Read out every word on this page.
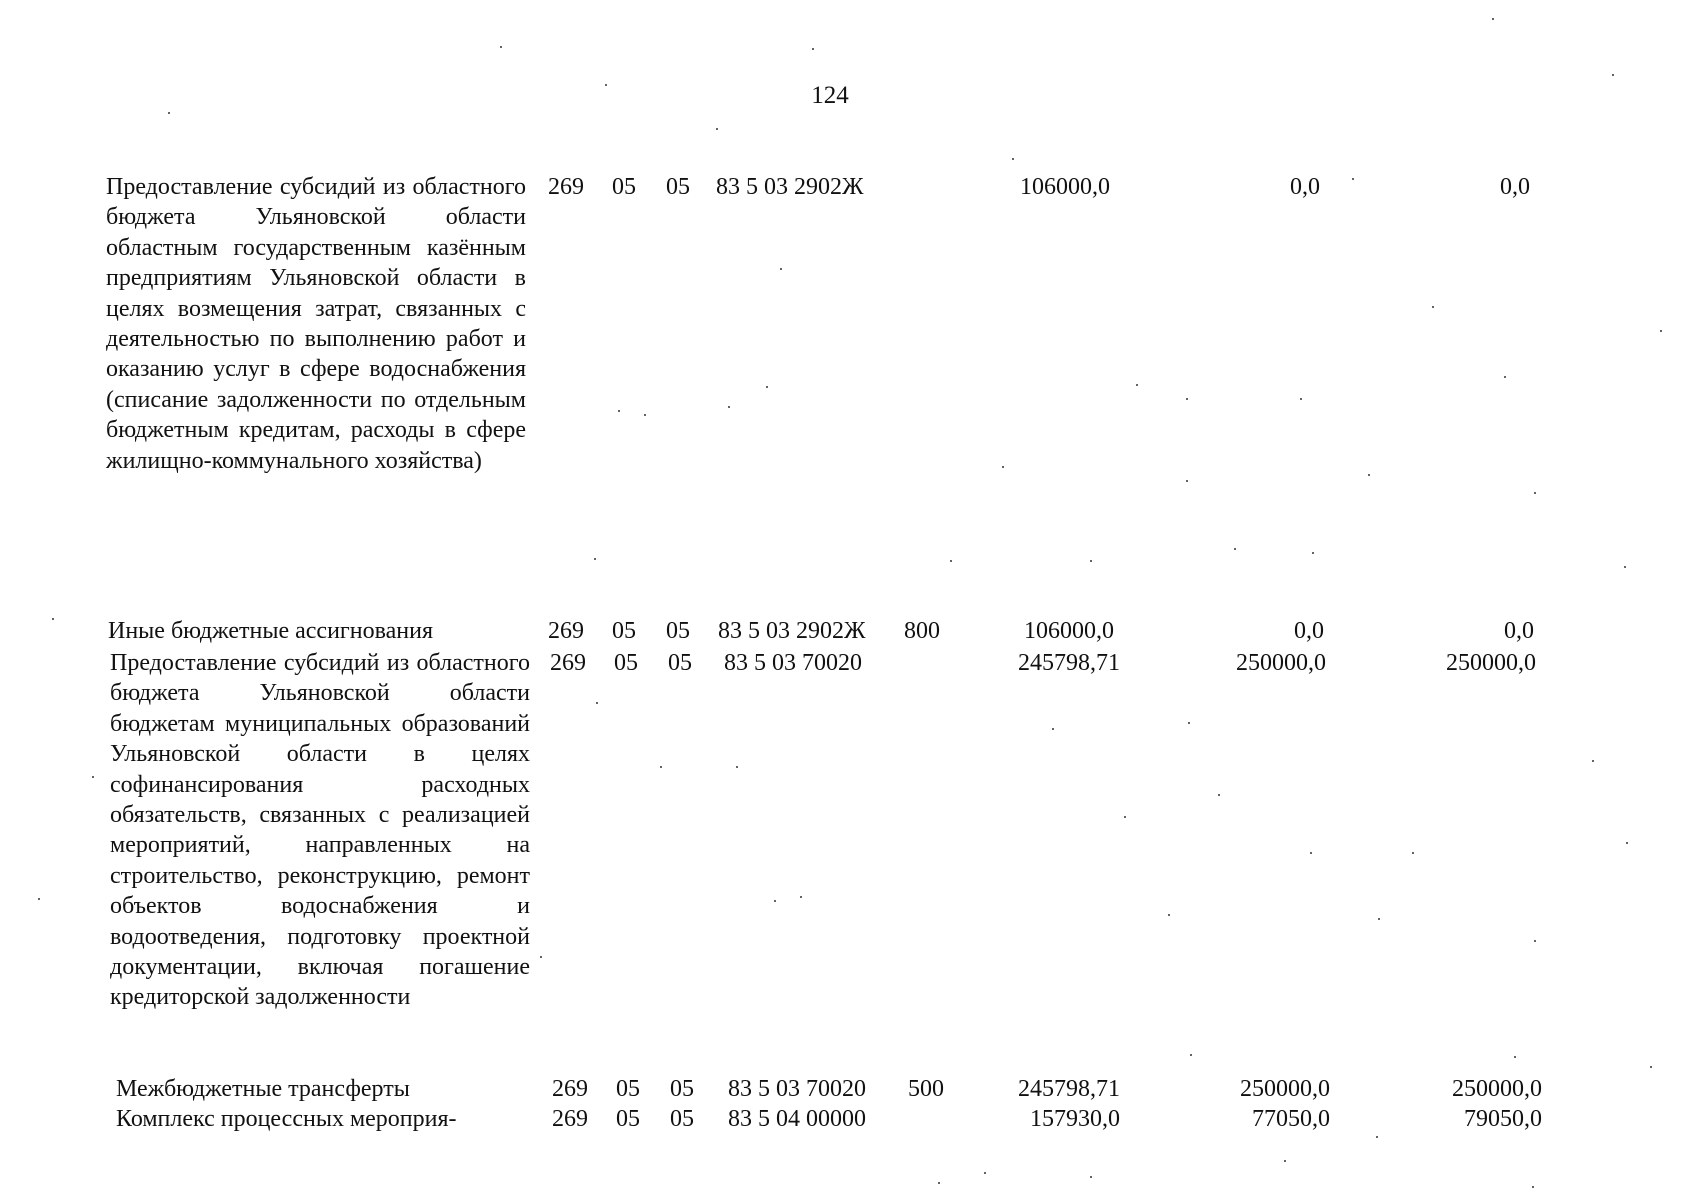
124
Предоставление субсидий из областного бюджета Ульяновской области областным государственным казённым предприятиям Ульяновской области в целях возмещения затрат, связанных с деятельностью по выполнению работ и оказанию услуг в сфере водоснабжения (списание задолженности по отдельным бюджетным кредитам, расходы в сфере жилищно-коммунального хозяйства)
269 05 05 83 5 03 2902Ж	106000,0	0,0	0,0
Иные бюджетные ассигнования	269 05 05 83 5 03 2902Ж 800	106000,0	0,0	0,0
Предоставление субсидий из областного бюджета Ульяновской области бюджетам муниципальных образований Ульяновской области в целях софинансирования расходных обязательств, связанных с реализацией мероприятий, направленных на строительство, реконструкцию, ремонт объектов водоснабжения и водоотведения, подготовку проектной документации, включая погашение кредиторской задолженности
269 05 05 83 5 03 70020	245798,71	250000,0	250000,0
Межбюджетные трансферты	269 05 05 83 5 03 70020 500	245798,71	250000,0	250000,0
Комплекс процессных мероприя-	269 05 05 83 5 04 00000	157930,0	77050,0	79050,0
